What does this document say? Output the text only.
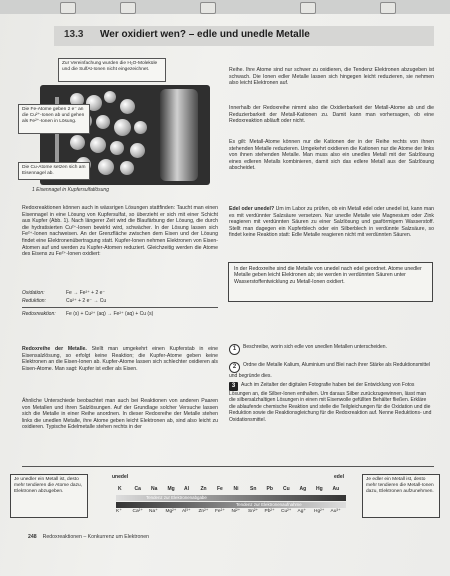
13.3 Wer oxidiert wen? – edle und unedle Metalle
Zur Vereinfachung wurden die H₂O-Moleküle und die SulfAt-Ionen nicht eingezeichnet.
Die Fe-Atome geben 2 e⁻ an die Cu²⁺-Ionen ab und gehen als Fe²⁺-Ionen in Lösung.
Die Cu-Atome setzen sich am Eisennagel ab.
1 Eisennagel in Kupfersulfatlösung
Reihe. Ihre Atome sind nur schwer zu oxidieren, die Tendenz Elektronen abzugeben ist schwach. Die Ionen edler Metalle lassen sich hingegen leicht reduzieren, sie nehmen also leicht Elektronen auf.
Innerhalb der Redoxreihe nimmt also die Oxidierbarkeit der Metall-Atome ab und die Reduzierbarkeit der Metall-Kationen zu. Damit kann man vorhersagen, ob eine Redoxreaktion abläuft oder nicht.
Es gilt: Metall-Atome können nur die Kationen der in der Reihe rechts von ihnen stehenden Metalle reduzieren. Umgekehrt oxidieren die Kationen nur die Atome der links von ihnen stehenden Metalle. Man muss also ein unedles Metall mit der Salzlösung eines edleren Metalls kombinieren, damit sich das edlere Metall aus der Salzlösung abscheidet.
Edel oder unedel? Um im Labor zu prüfen, ob ein Metall edel oder unedel ist, kann man es mit verdünnter Salzsäure versetzen. Nur unedle Metalle wie Magnesium oder Zink reagieren mit verdünnten Säuren zu einer Salzlösung und gasförmigem Wasserstoff. Stellt man dagegen ein Kupferblech oder ein Silberblech in verdünnte Salzsäure, so findet keine Reaktion statt: Edle Metalle reagieren nicht mit verdünnten Säuren.
In der Redoxreihe sind die Metalle von unedel nach edel geordnet. Atome unedler Metalle geben leicht Elektronen ab; sie werden in verdünnten Säuren unter Wasserstoffentwicklung zu Metall-Ionen oxidiert.
Redoxreaktionen können auch in wässrigen Lösungen stattfinden: Taucht man einen Eisennagel in eine Lösung von Kupfersulfat, so überzieht er sich mit einer Schicht aus Kupfer (Abb. 1). Nach längerer Zeit wird die Blaufärbung der Lösung, die durch die hydratisierten Cu²⁺-Ionen bewirkt wird, schwächer. In der Lösung lassen sich Fe²⁺-Ionen nachweisen. An der Grenzfläche zwischen dem Eisen und der Lösung findet eine Elektronenübertragung statt. Kupfer-Ionen nehmen Elektronen von Eisen-Atomen auf und werden zu Kupfer-Atomen reduziert. Gleichzeitig werden die Atome des Eisens zu Fe²⁺-Ionen oxidiert:
Oxidation:	Fe → Fe²⁺ + 2 e⁻
Reduktion:	Cu²⁺ + 2 e⁻ → Cu
Redoxreaktion: Fe (s) + Cu²⁺ (aq) → Fe²⁺ (aq) + Cu (s)
Redoxreihe der Metalle. Stellt man umgekehrt einen Kupferstab in eine Eisensalzlösung, so erfolgt keine Reaktion; die Kupfer-Atome geben keine Elektronen an die Eisen-Ionen ab. Kupfer-Atome lassen sich schlechter oxidieren als Eisen-Atome. Man sagt: Kupfer ist edler als Eisen.
Ähnliche Unterschiede beobachtet man auch bei Reaktionen von anderen Paaren von Metallen und ihren Salzlösungen. Auf der Grundlage solcher Versuche lassen sich die Metalle in einer Reihe anordnen. In dieser Redoxreihe der Metalle stehen links die unedlen Metalle, ihre Atome geben leicht Elektronen ab, sind also leicht zu oxidieren. Typische Edelmetalle stehen rechts in der
1 Beschreibe, worin sich edle von unedlen Metallen unterscheiden.
2 Ordne die Metalle Kalium, Aluminium und Blei nach ihrer Stärke als Reduktionsmittel und begründe dies.
3 Auch im Zeitalter der digitalen Fotografie haben bei der Entwicklung von Fotos Lösungen an, die Silber-Ionen enthalten. Um daraus Silber zurückzugewinnen, lässt man die silbersalzhaltigen Lösungen in einen mit Eisenwolle gefüllten Behälter fließen. Erkläre die ablaufende chemische Reaktion und stelle die Teilgleichungen für die Oxidation und die Reduktion sowie die Reaktionsgleichung für die Redoxreaktion auf. Nenne Reduktions- und Oxidationsmittel.
unedel	edel
K	Ca Na Mg Al Zn Fe Ni Sn Pb Cu Ag Hg Au
Tendenz zur Elektronenabgabe
Tendenz zur Elektronenaufnahme
K⁺ Ca²⁺ Na⁺ Mg²⁺ Al³⁺ Zn²⁺ Fe²⁺ Ni²⁺ Sn²⁺ Pb²⁺ Cu²⁺ Ag⁺ Hg²⁺ Au³⁺
Je unedler ein Metall ist, desto mehr tendieren die Atome dazu, Elektronen abzugeben.
Je edler ein Metall ist, desto mehr tendieren die Metall-Ionen dazu, Elektronen aufzunehmen.
248 Redoxreaktionen – Konkurrenz um Elektronen
